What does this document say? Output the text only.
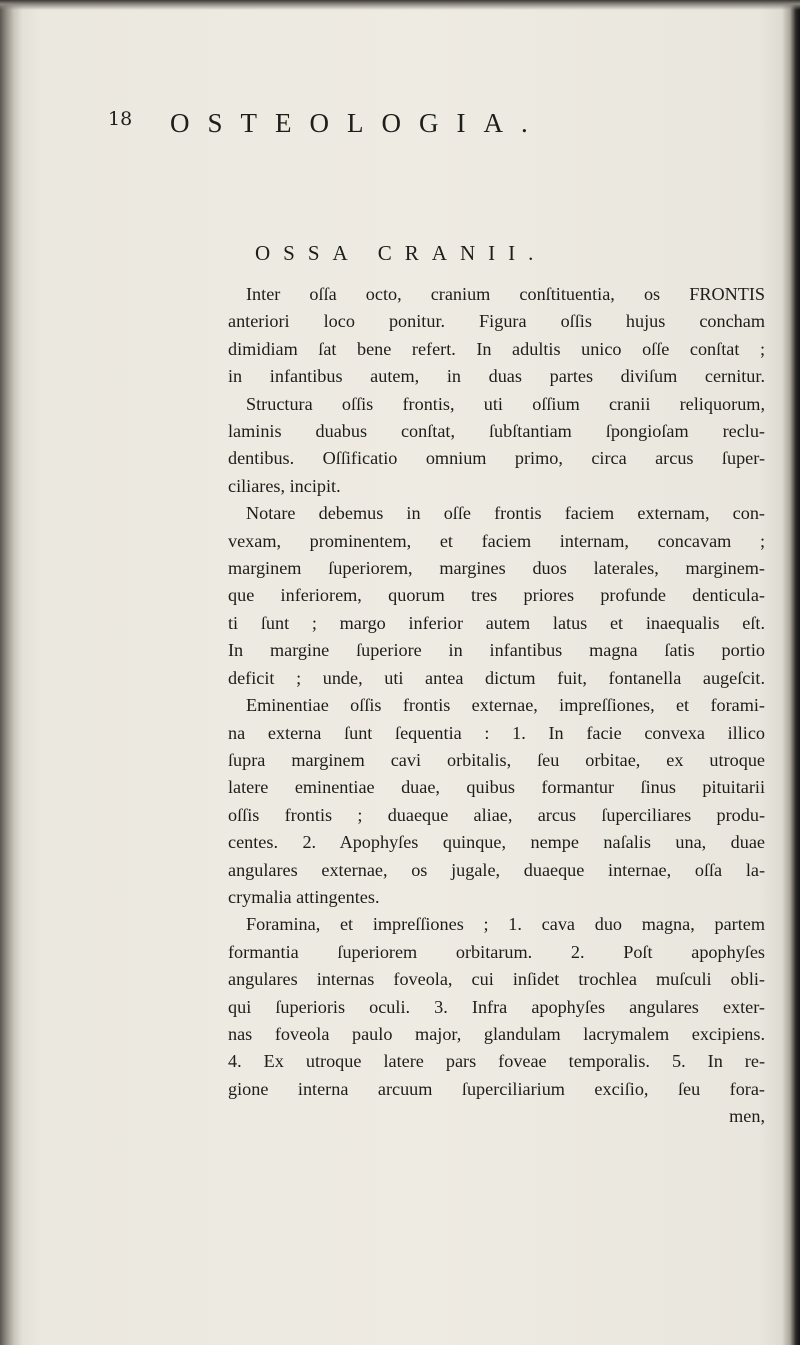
18 OSTEOLOGIA.
OSSA CRANII.
Inter oſſa octo, cranium conſtituentia, os FRONTIS
anteriori loco ponitur. Figura oſſis hujus concham
dimidiam ſat bene refert. In adultis unico oſſe conſtat ;
in infantibus autem, in duas partes diviſum cernitur.
Structura oſſis frontis, uti oſſium cranii reliquorum,
laminis duabus conſtat, ſubſtantiam ſpongioſam reclu-
dentibus. Oſſificatio omnium primo, circa arcus ſuper-
ciliares, incipit.
Notare debemus in oſſe frontis faciem externam, con-
vexam, prominentem, et faciem internam, concavam ;
marginem ſuperiorem, margines duos laterales, marginem-
que inferiorem, quorum tres priores profunde denticula-
ti ſunt ; margo inferior autem latus et inaequalis eſt.
In margine ſuperiore in infantibus magna ſatis portio
deficit ; unde, uti antea dictum fuit, fontanella augeſcit.
Eminentiae oſſis frontis externae, impreſſiones, et forami-
na externa ſunt ſequentia : 1. In facie convexa illico
ſupra marginem cavi orbitalis, ſeu orbitae, ex utroque
latere eminentiae duae, quibus formantur ſinus pituitarii
oſſis frontis ; duaeque aliae, arcus ſuperciliares produ-
centes. 2. Apophyſes quinque, nempe naſalis una, duae
angulares externae, os jugale, duaeque internae, oſſa la-
crymalia attingentes.
Foramina, et impreſſiones ; 1. cava duo magna, partem
formantia ſuperiorem orbitarum. 2. Poſt apophyſes
angulares internas foveola, cui inſidet trochlea muſculi obli-
qui ſuperioris oculi. 3. Infra apophyſes angulares exter-
nas foveola paulo major, glandulam lacrymalem excipiens.
4. Ex utroque latere pars foveae temporalis. 5. In re-
gione interna arcuum ſuperciliarium exciſio, ſeu fora-
men,
